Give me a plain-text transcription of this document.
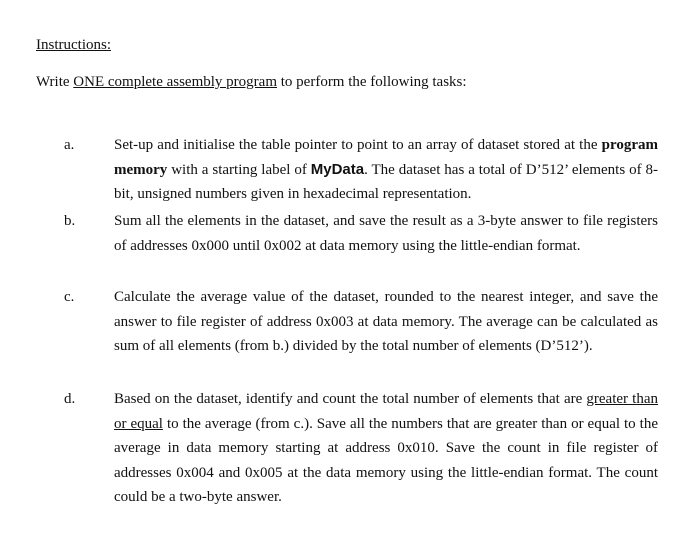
Instructions:
Write ONE complete assembly program to perform the following tasks:
a.	Set-up and initialise the table pointer to point to an array of dataset stored at the program memory with a starting label of MyData. The dataset has a total of D’512’ elements of 8-bit, unsigned numbers given in hexadecimal representation.
b.	Sum all the elements in the dataset, and save the result as a 3-byte answer to file registers of addresses 0x000 until 0x002 at data memory using the little-endian format.
c.	Calculate the average value of the dataset, rounded to the nearest integer, and save the answer to file register of address 0x003 at data memory. The average can be calculated as sum of all elements (from b.) divided by the total number of elements (D’512’).
d.	Based on the dataset, identify and count the total number of elements that are greater than or equal to the average (from c.). Save all the numbers that are greater than or equal to the average in data memory starting at address 0x010. Save the count in file register of addresses 0x004 and 0x005 at the data memory using the little-endian format. The count could be a two-byte answer.
